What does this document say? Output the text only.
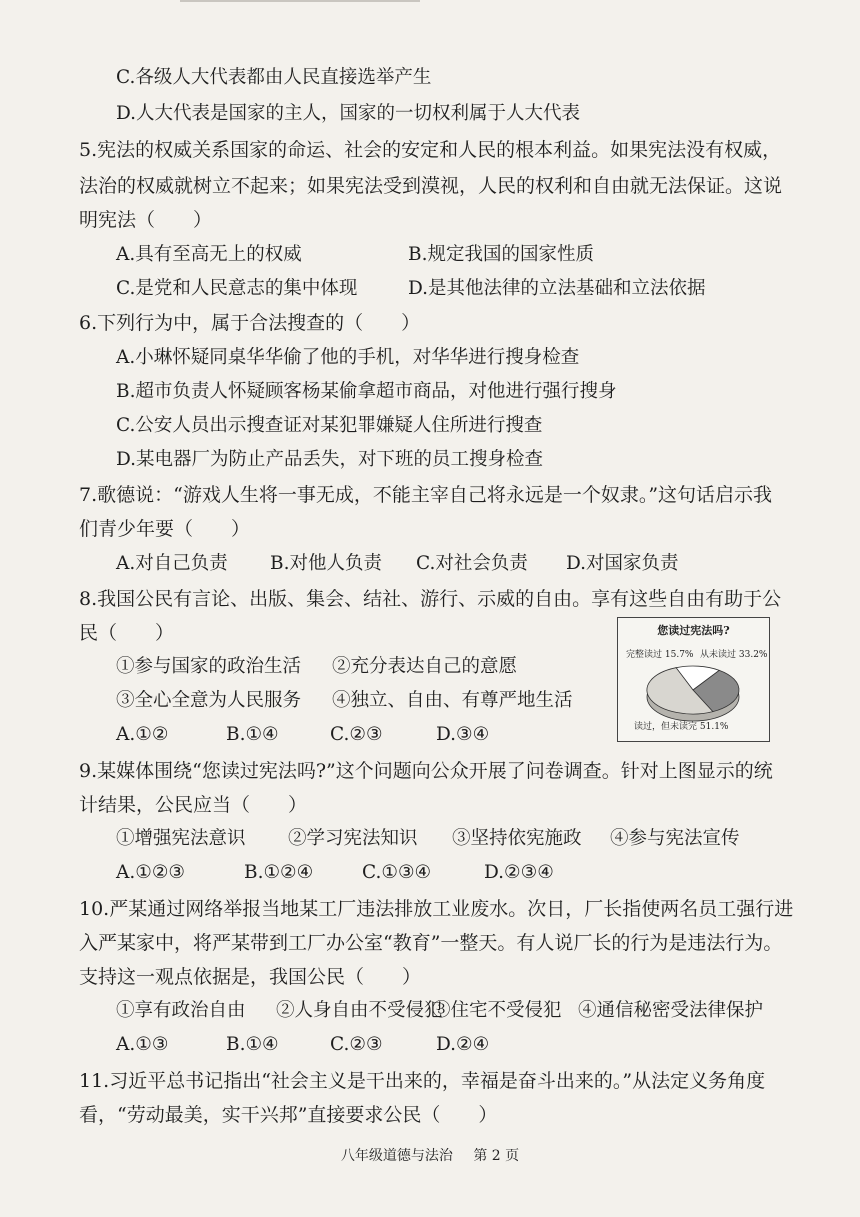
C.各级人大代表都由人民直接选举产生
D.人大代表是国家的主人，国家的一切权利属于人大代表
5.宪法的权威关系国家的命运、社会的安定和人民的根本利益。如果宪法没有权威，
法治的权威就树立不起来；如果宪法受到漠视，人民的权利和自由就无法保证。这说
明宪法（　　）
A.具有至高无上的权威	B.规定我国的国家性质
C.是党和人民意志的集中体现	D.是其他法律的立法基础和立法依据
6.下列行为中，属于合法搜查的（　　）
A.小琳怀疑同桌华华偷了他的手机，对华华进行搜身检查
B.超市负责人怀疑顾客杨某偷拿超市商品，对他进行强行搜身
C.公安人员出示搜查证对某犯罪嫌疑人住所进行搜查
D.某电器厂为防止产品丢失，对下班的员工搜身检查
7.歌德说：“游戏人生将一事无成，不能主宰自己将永远是一个奴隶。”这句话启示我
们青少年要（　　）
A.对自己负责 B.对他人负责 C.对社会负责 D.对国家负责
8.我国公民有言论、出版、集会、结社、游行、示威的自由。享有这些自由有助于公
民（　　）
①参与国家的政治生活 ②充分表达自己的意愿
③全心全意为人民服务 ④独立、自由、有尊严地生活
A.①②	B.①④	C.②③	D.③④
9.某媒体围绕“您读过宪法吗?”这个问题向公众开展了问卷调查。针对上图显示的统
计结果，公民应当（　　）
①增强宪法意识 ②学习宪法知识 ③坚持依宪施政 ④参与宪法宣传
A.①②③	B.①②④	C.①③④	D.②③④
10.严某通过网络举报当地某工厂违法排放工业废水。次日，厂长指使两名员工强行进
入严某家中，将严某带到工厂办公室“教育”一整天。有人说厂长的行为是违法行为。
支持这一观点依据是，我国公民（　　）
①享有政治自由 ②人身自由不受侵犯
③住宅不受侵犯 ④通信秘密受法律保护
A.①③	B.①④	C.②③	D.②④
11.习近平总书记指出“社会主义是干出来的，幸福是奋斗出来的。”从法定义务角度
看，“劳动最美，实干兴邦”直接要求公民（　　）
您读过宪法吗?
完整读过 15.7% 从未读过 33.2%
读过，但未读完 51.1%
八年级道德与法治 第 2 页
